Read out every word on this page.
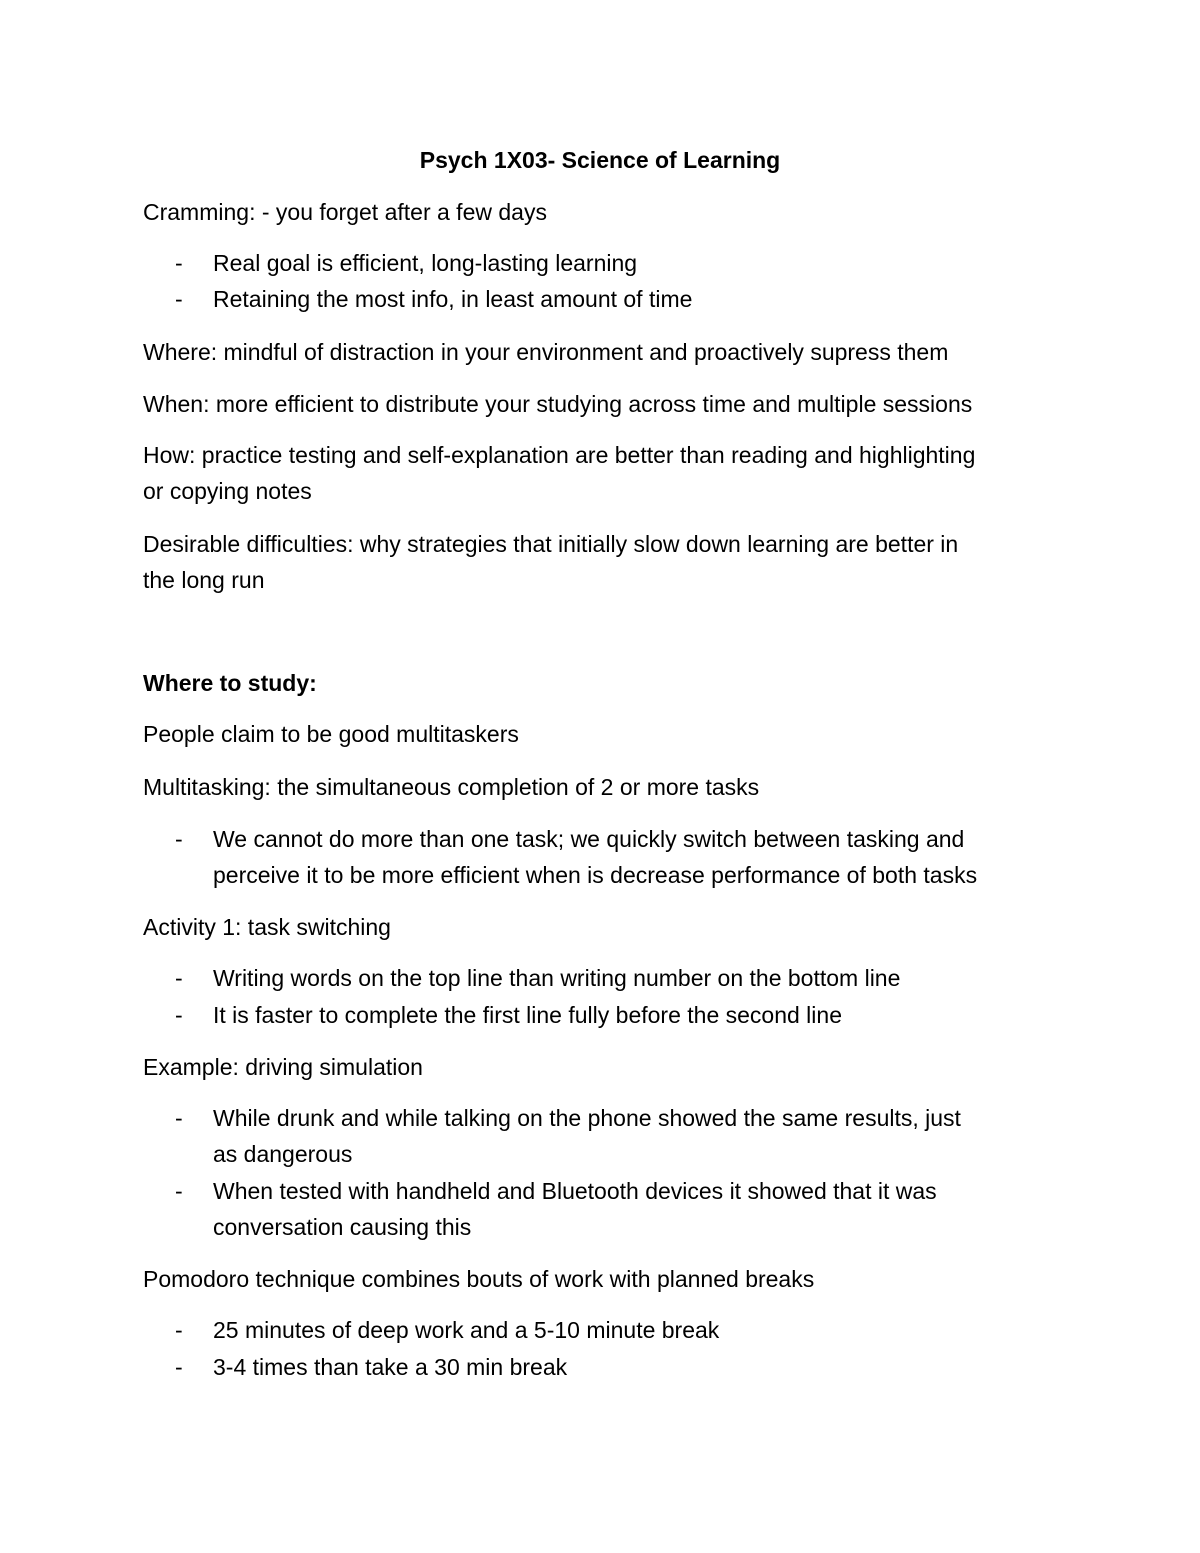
Psych 1X03- Science of Learning
Cramming: - you forget after a few days
- Real goal is efficient, long-lasting learning
- Retaining the most info, in least amount of time
Where: mindful of distraction in your environment and proactively supress them
When: more efficient to distribute your studying across time and multiple sessions
How: practice testing and self-explanation are better than reading and highlighting
or copying notes
Desirable difficulties: why strategies that initially slow down learning are better in
the long run
Where to study:
People claim to be good multitaskers
Multitasking: the simultaneous completion of 2 or more tasks
- We cannot do more than one task; we quickly switch between tasking and
perceive it to be more efficient when is decrease performance of both tasks
Activity 1: task switching
- Writing words on the top line than writing number on the bottom line
- It is faster to complete the first line fully before the second line
Example: driving simulation
- While drunk and while talking on the phone showed the same results, just
as dangerous
- When tested with handheld and Bluetooth devices it showed that it was
conversation causing this
Pomodoro technique combines bouts of work with planned breaks
- 25 minutes of deep work and a 5-10 minute break
- 3-4 times than take a 30 min break
